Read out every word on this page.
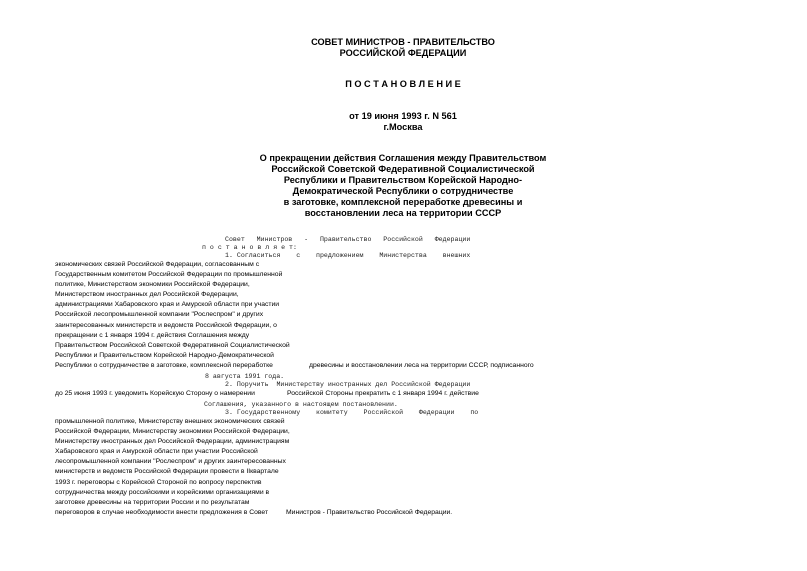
СОВЕТ МИНИСТРОВ - ПРАВИТЕЛЬСТВО
РОССИЙСКОЙ ФЕДЕРАЦИИ
П О С Т А Н О В Л Е Н И Е
от 19 июня 1993 г. N 561
г.Москва
О прекращении действия Соглашения между Правительством
Российской Советской Федеративной Социалистической
Республики и Правительством Корейской Народно-
Демократической Республики о сотрудничестве
в заготовке, комплексной переработке древесины и
восстановлении леса на территории СССР
Совет   Министров   -   Правительство   Российской   Федерации
п о с т а н о в л я е т:
1. Согласиться    с    предложением    Министерства    внешних
экономических связей Российской Федерации, согласованным с
Государственным комитетом Российской Федерации по промышленной
политике, Министерством экономики Российской Федерации,
Министерством иностранных дел Российской Федерации,
администрациями Хабаровского края и Амурской области при участии
Российской лесопромышленной компании "Рослеспром" и других
заинтересованных министерств и ведомств Российской Федерации, о
прекращении с 1 января 1994 г. действия Соглашения между
Правительством Российской Советской Федеративной Социалистической
Республики и Правительством Корейской Народно-Демократической
Республики о сотрудничестве в заготовке, комплексной переработке	древесины и восстановлении леса на территории СССР, подписанного
8 августа 1991 года.
2. Поручить  Министерству иностранных дел Российской Федерации
до 25 июня 1993 г. уведомить Корейскую Сторону о намерении	Российской Стороны прекратить с 1 января 1994 г. действие
Соглашения, указанного в настоящем постановлении.
3. Государственному    комитету    Российской    Федерации    по
промышленной политике, Министерству внешних экономических связей
Российской Федерации, Министерству экономики Российской Федерации,
Министерству иностранных дел Российской Федерации, администрациям
Хабаровского края и Амурской области при участии Российской
лесопромышленной компании "Рослеспром" и других заинтересованных
министерств и ведомств Российской Федерации провести в IIквартале
1993 г. переговоры с Корейской Стороной по вопросу перспектив
сотрудничества между российскими и корейскими организациями в
заготовке древесины на территории России и по результатам
переговоров в случае необходимости внести предложения в Совет	Министров - Правительство Российской Федерации.
